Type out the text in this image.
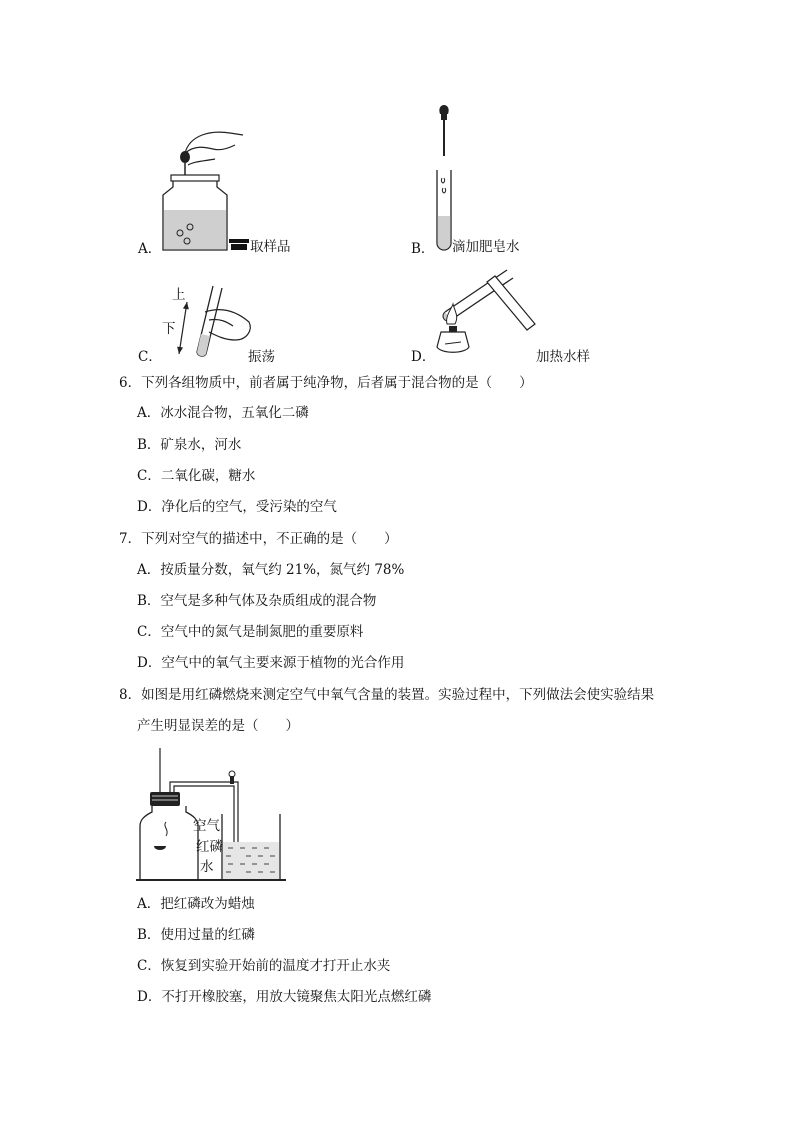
A．	取样品	B． 滴加肥皂水
上
下
C．	振荡	D．	加热水样
6．下列各组物质中，前者属于纯净物，后者属于混合物的是（　　）
A．冰水混合物，五氧化二磷
B．矿泉水，河水
C．二氧化碳，糖水
D．净化后的空气，受污染的空气
7．下列对空气的描述中，不正确的是（　　）
A．按质量分数，氧气约 21%，氮气约 78%
B．空气是多种气体及杂质组成的混合物
C．空气中的氮气是制氮肥的重要原料
D．空气中的氧气主要来源于植物的光合作用
8．如图是用红磷燃烧来测定空气中氧气含量的装置。实验过程中，下列做法会使实验结果
产生明显误差的是（　　）
空气
红磷
水
A．把红磷改为蜡烛
B．使用过量的红磷
C．恢复到实验开始前的温度才打开止水夹
D．不打开橡胶塞，用放大镜聚焦太阳光点燃红磷
